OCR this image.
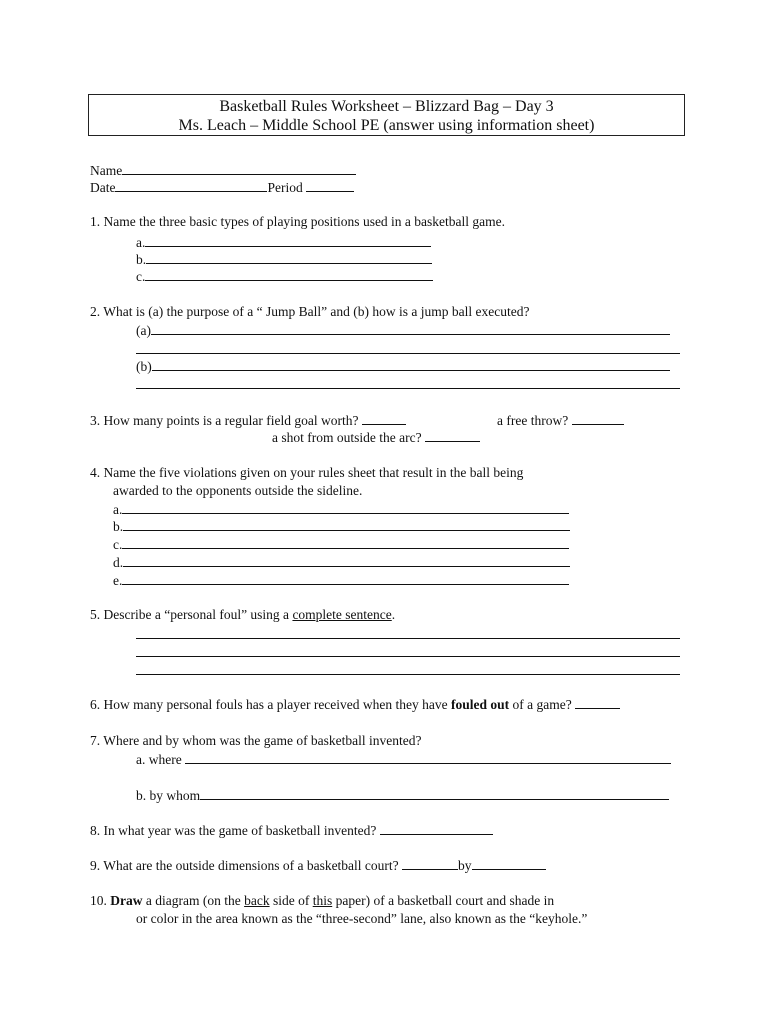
Basketball Rules Worksheet – Blizzard Bag – Day 3
Ms. Leach – Middle School PE (answer using information sheet)
Name
Date	Period
1. Name the three basic types of playing positions used in a basketball game.
a.
b.
c.
2. What is (a) the purpose of a “ Jump Ball” and (b) how is a jump ball executed?
(a)
(b)
3. How many points is a regular field goal worth?	a free throw?
a shot from outside the arc?
4. Name the five violations given on your rules sheet that result in the ball being
awarded to the opponents outside the sideline.
a.
b.
c.
d.
e.
5. Describe a “personal foul” using a complete sentence.
6. How many personal fouls has a player received when they have fouled out of a game?
7. Where and by whom was the game of basketball invented?
a. where
b. by whom
8. In what year was the game of basketball invented?
9. What are the outside dimensions of a basketball court?	by
10. Draw a diagram (on the back side of this paper) of a basketball court and shade in
or color in the area known as the “three-second” lane, also known as the “keyhole.”
